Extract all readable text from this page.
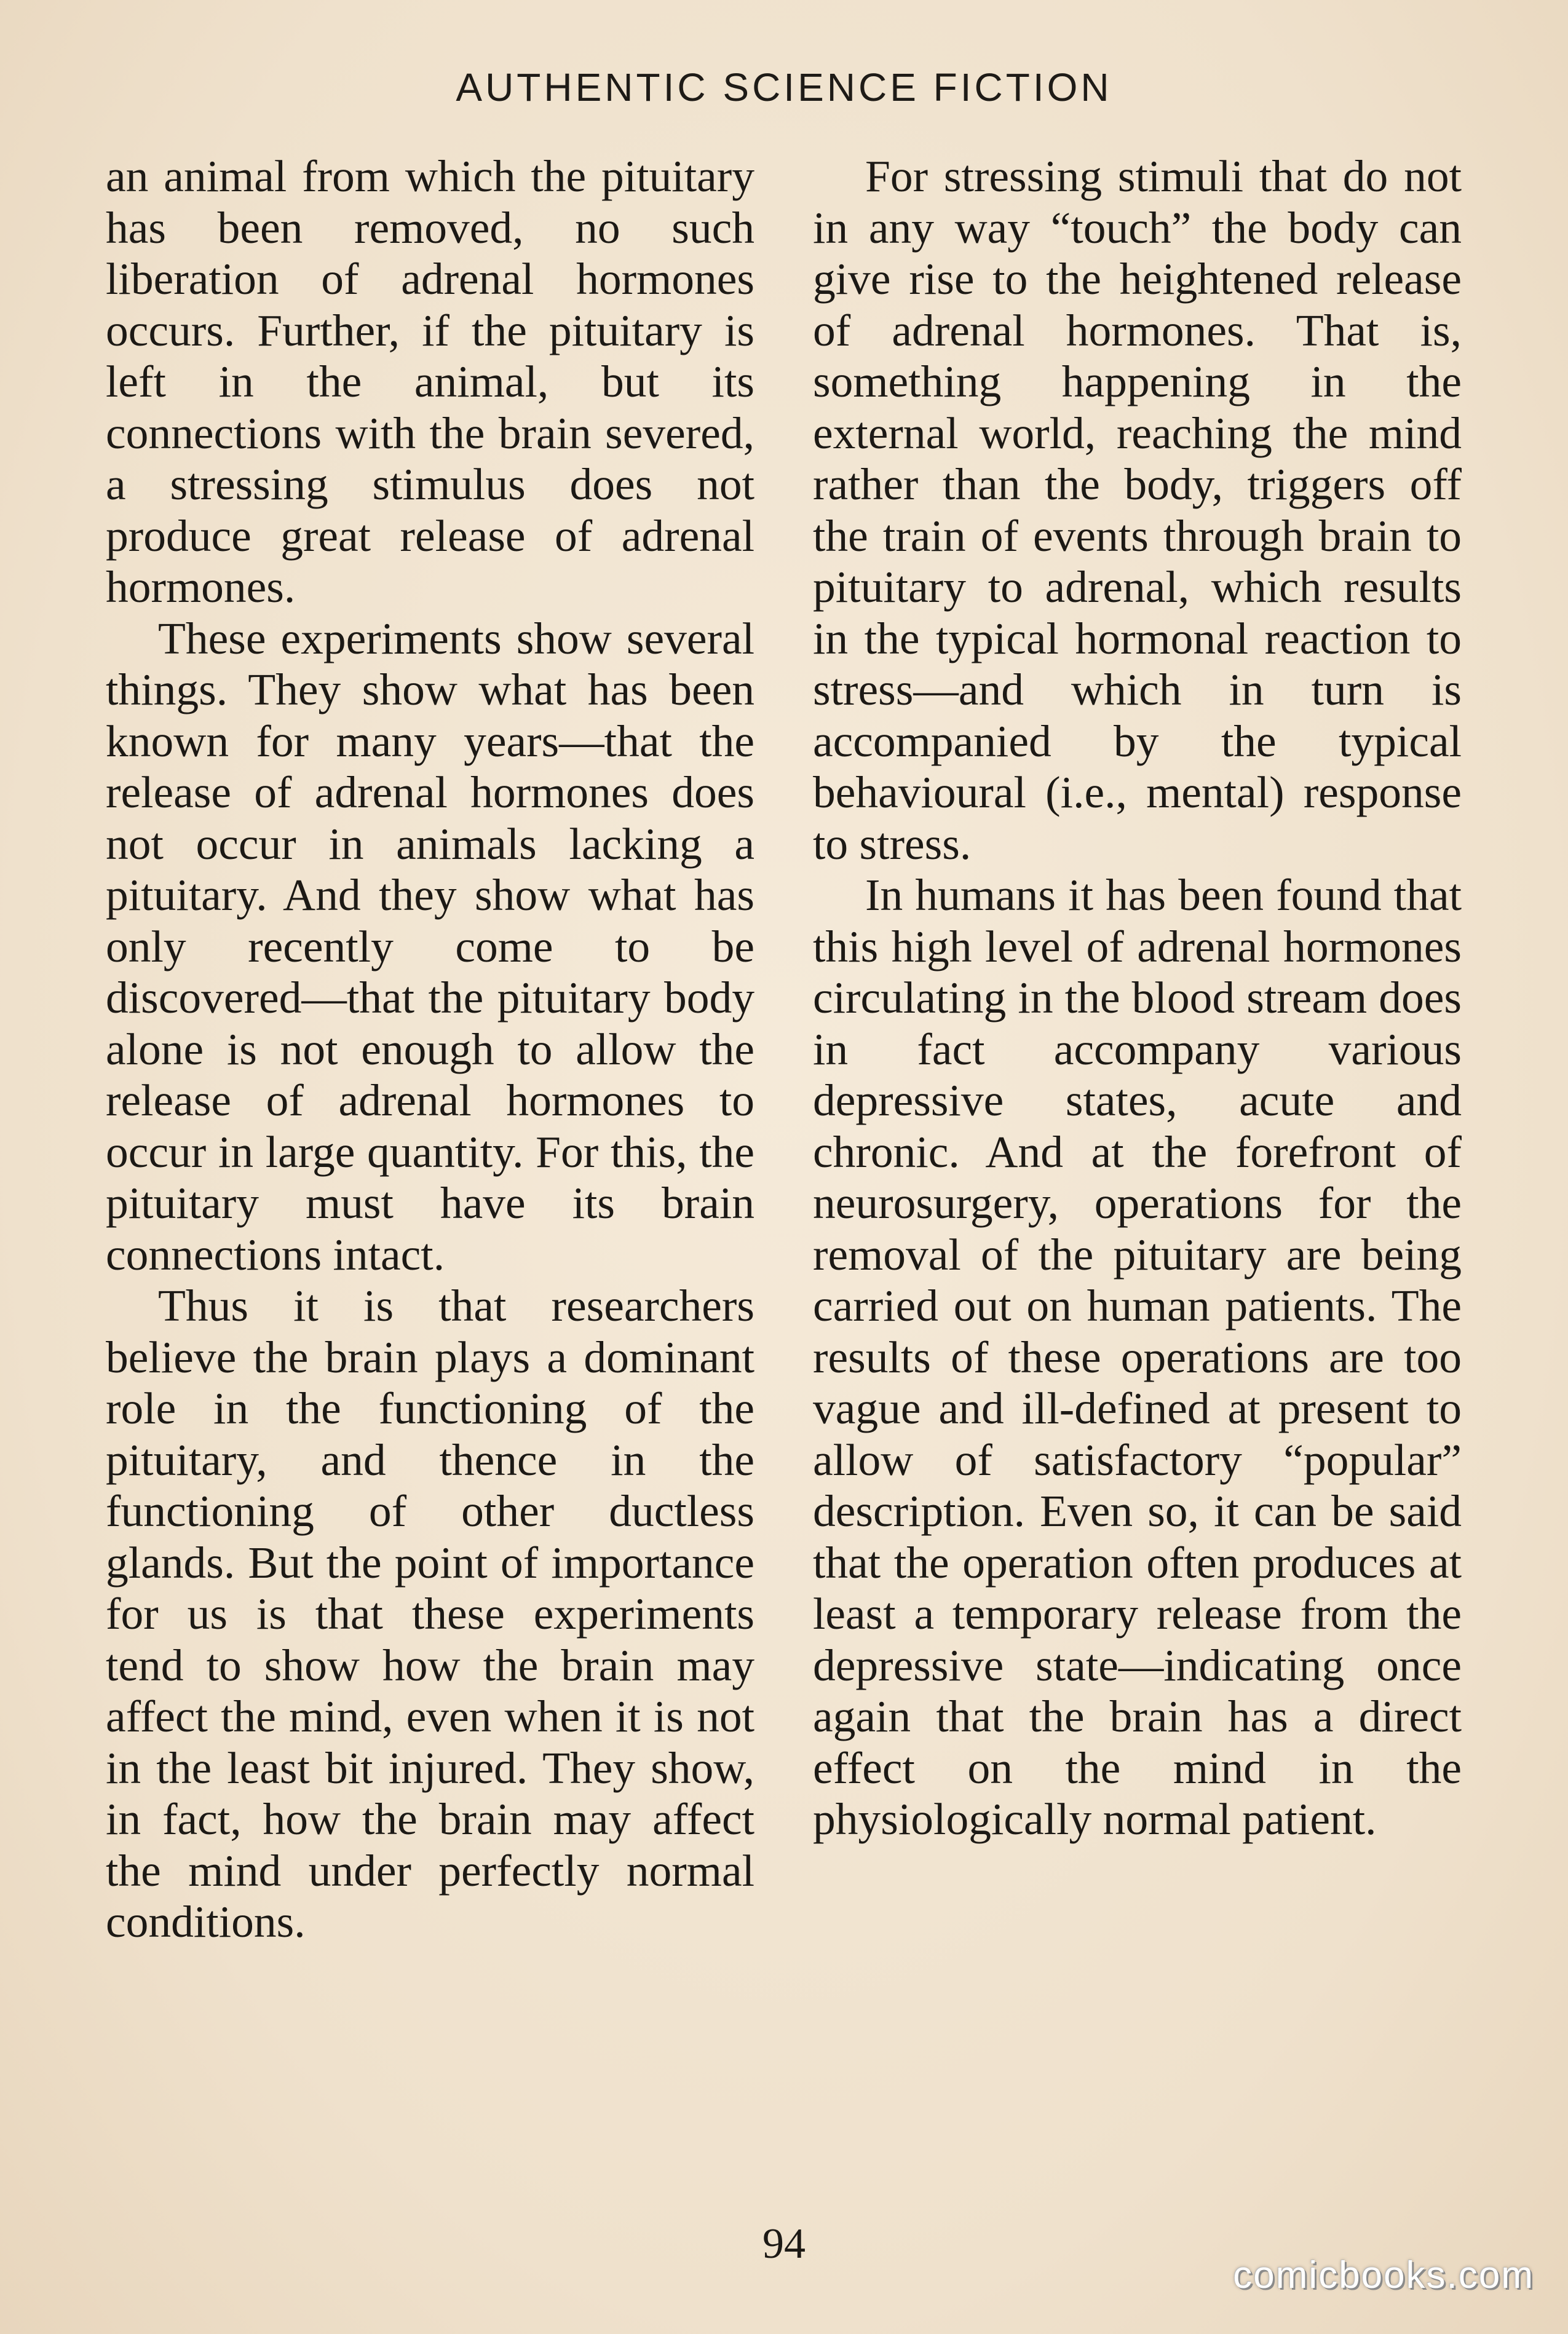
AUTHENTIC SCIENCE FICTION

an animal from which the pituitary has been removed, no such liberation of adrenal hormones occurs. Further, if the pituitary is left in the animal, but its connections with the brain severed, a stressing stimulus does not produce great release of adrenal hormones.

These experiments show several things. They show what has been known for many years—that the release of adrenal hormones does not occur in animals lacking a pituitary. And they show what has only recently come to be discovered—that the pituitary body alone is not enough to allow the release of adrenal hormones to occur in large quantity. For this, the pituitary must have its brain connections intact.

Thus it is that researchers believe the brain plays a dominant role in the functioning of the pituitary, and thence in the functioning of other ductless glands. But the point of importance for us is that these experiments tend to show how the brain may affect the mind, even when it is not in the least bit injured. They show, in fact, how the brain may affect the mind under perfectly normal conditions.

For stressing stimuli that do not in any way “touch” the body can give rise to the heightened release of adrenal hormones. That is, something happening in the external world, reaching the mind rather than the body, triggers off the train of events through brain to pituitary to adrenal, which results in the typical hormonal reaction to stress—and which in turn is accompanied by the typical behavioural (i.e., mental) response to stress.

In humans it has been found that this high level of adrenal hormones circulating in the blood stream does in fact accompany various depressive states, acute and chronic. And at the forefront of neurosurgery, operations for the removal of the pituitary are being carried out on human patients. The results of these operations are too vague and ill-defined at present to allow of satisfactory “popular” description. Even so, it can be said that the operation often produces at least a temporary release from the depressive state—indicating once again that the brain has a direct effect on the mind in the physiologically normal patient.

94
comicbooks.com
